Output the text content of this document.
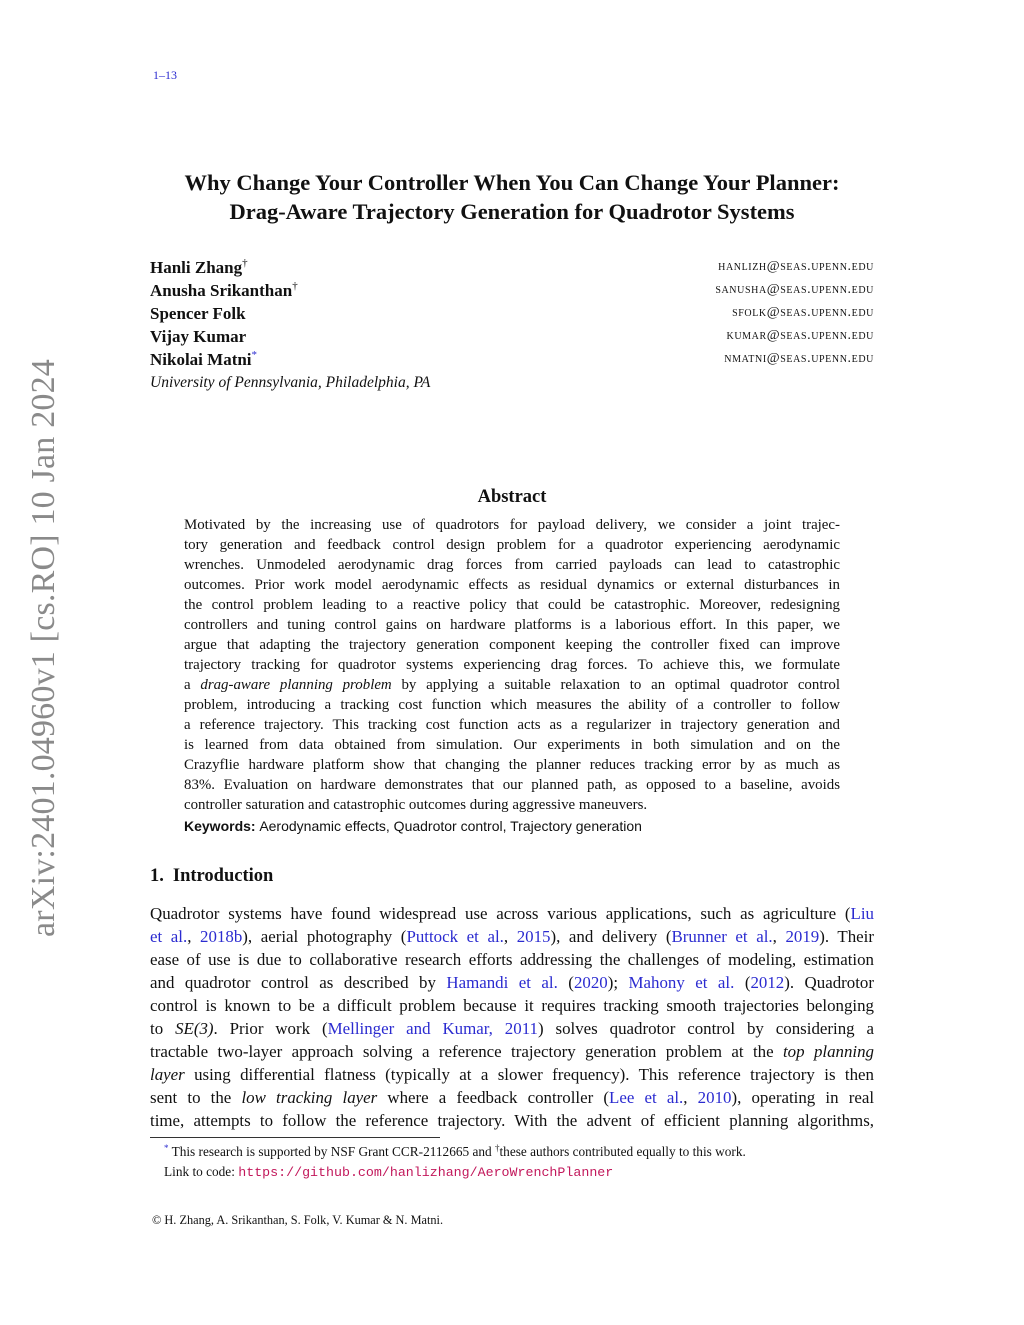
1–13
arXiv:2401.04960v1 [cs.RO] 10 Jan 2024
Why Change Your Controller When You Can Change Your Planner:
Drag-Aware Trajectory Generation for Quadrotor Systems
Hanli Zhang†	hanlizh@seas.upenn.edu
Anusha Srikanthan†	sanusha@seas.upenn.edu
Spencer Folk	sfolk@seas.upenn.edu
Vijay Kumar	kumar@seas.upenn.edu
Nikolai Matni*	nmatni@seas.upenn.edu
University of Pennsylvania, Philadelphia, PA
Abstract
Motivated by the increasing use of quadrotors for payload delivery, we consider a joint trajec-
tory generation and feedback control design problem for a quadrotor experiencing aerodynamic
wrenches. Unmodeled aerodynamic drag forces from carried payloads can lead to catastrophic
outcomes. Prior work model aerodynamic effects as residual dynamics or external disturbances in
the control problem leading to a reactive policy that could be catastrophic. Moreover, redesigning
controllers and tuning control gains on hardware platforms is a laborious effort. In this paper, we
argue that adapting the trajectory generation component keeping the controller fixed can improve
trajectory tracking for quadrotor systems experiencing drag forces. To achieve this, we formulate
a drag-aware planning problem by applying a suitable relaxation to an optimal quadrotor control
problem, introducing a tracking cost function which measures the ability of a controller to follow
a reference trajectory. This tracking cost function acts as a regularizer in trajectory generation and
is learned from data obtained from simulation. Our experiments in both simulation and on the
Crazyflie hardware platform show that changing the planner reduces tracking error by as much as
83%. Evaluation on hardware demonstrates that our planned path, as opposed to a baseline, avoids
controller saturation and catastrophic outcomes during aggressive maneuvers.
Keywords: Aerodynamic effects, Quadrotor control, Trajectory generation
1. Introduction
Quadrotor systems have found widespread use across various applications, such as agriculture (Liu
et al., 2018b), aerial photography (Puttock et al., 2015), and delivery (Brunner et al., 2019). Their
ease of use is due to collaborative research efforts addressing the challenges of modeling, estimation
and quadrotor control as described by Hamandi et al. (2020); Mahony et al. (2012). Quadrotor
control is known to be a difficult problem because it requires tracking smooth trajectories belonging
to SE(3). Prior work (Mellinger and Kumar, 2011) solves quadrotor control by considering a
tractable two-layer approach solving a reference trajectory generation problem at the top planning
layer using differential flatness (typically at a slower frequency). This reference trajectory is then
sent to the low tracking layer where a feedback controller (Lee et al., 2010), operating in real
time, attempts to follow the reference trajectory. With the advent of efficient planning algorithms,
* This research is supported by NSF Grant CCR-2112665 and †these authors contributed equally to this work.
Link to code: https://github.com/hanlizhang/AeroWrenchPlanner
© H. Zhang, A. Srikanthan, S. Folk, V. Kumar & N. Matni.
